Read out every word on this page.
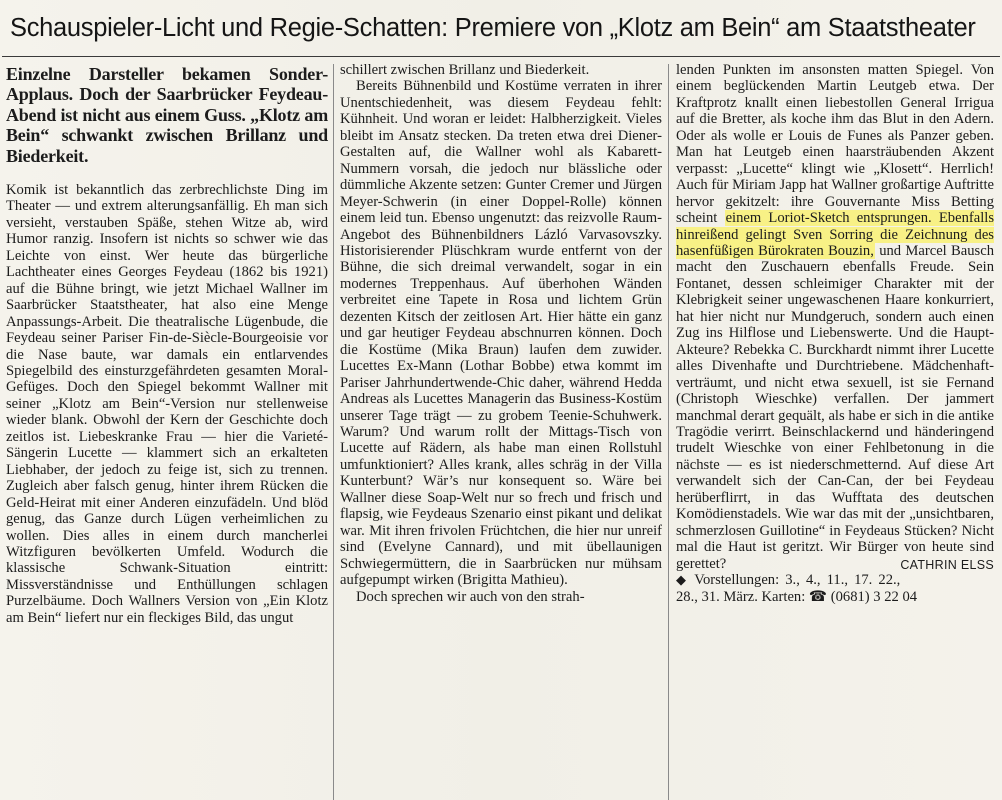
Schauspieler-Licht und Regie-Schatten: Premiere von „Klotz am Bein“ am Staatstheater
Einzelne Darsteller bekamen Sonder-Applaus. Doch der Saarbrücker Feydeau-Abend ist nicht aus einem Guss. „Klotz am Bein“ schwankt zwischen Brillanz und Biederkeit.

Komik ist bekanntlich das zerbrechlichste Ding im Theater — und extrem alterungsanfällig. Eh man sich versieht, verstauben Späße, stehen Witze ab, wird Humor ranzig. Insofern ist nichts so schwer wie das Leichte von einst. Wer heute das bürgerliche Lachtheater eines Georges Feydeau (1862 bis 1921) auf die Bühne bringt, wie jetzt Michael Wallner im Saarbrücker Staatstheater, hat also eine Menge Anpassungs-Arbeit. Die theatralische Lügenbude, die Feydeau seiner Pariser Fin-de-Siècle-Bourgeoisie vor die Nase baute, war damals ein entlarvendes Spiegelbild des einsturzgefährdeten gesamten Moral-Gefüges. Doch den Spiegel bekommt Wallner mit seiner „Klotz am Bein“-Version nur stellenweise wieder blank. Obwohl der Kern der Geschichte doch zeitlos ist. Liebeskranke Frau — hier die Varieté-Sängerin Lucette — klammert sich an erkalteten Liebhaber, der jedoch zu feige ist, sich zu trennen. Zugleich aber falsch genug, hinter ihrem Rücken die Geld-Heirat mit einer Anderen einzufädeln. Und blöd genug, das Ganze durch Lügen verheimlichen zu wollen. Dies alles in einem durch mancherlei Witzfiguren bevölkerten Umfeld. Wodurch die klassische Schwank-Situation eintritt: Missverständnisse und Enthüllungen schlagen Purzelbäume. Doch Wallners Version von „Ein Klotz am Bein“ liefert nur ein fleckiges Bild, das ungut

schillert zwischen Brillanz und Biederkeit.

Bereits Bühnenbild und Kostüme verraten in ihrer Unentschiedenheit, was diesem Feydeau fehlt: Kühnheit. Und woran er leidet: Halbherzigkeit. Vieles bleibt im Ansatz stecken. Da treten etwa drei Diener-Gestalten auf, die Wallner wohl als Kabarett-Nummern vorsah, die jedoch nur blässliche oder dümmliche Akzente setzen: Gunter Cremer und Jürgen Meyer-Schwerin (in einer Doppel-Rolle) können einem leid tun. Ebenso ungenutzt: das reizvolle Raum-Angebot des Bühnenbildners Lázló Varvasovszky. Historisierender Plüschkram wurde entfernt von der Bühne, die sich dreimal verwandelt, sogar in ein modernes Treppenhaus. Auf überhohen Wänden verbreitet eine Tapete in Rosa und lichtem Grün dezenten Kitsch der zeitlosen Art. Hier hätte ein ganz und gar heutiger Feydeau abschnurren können. Doch die Kostüme (Mika Braun) laufen dem zuwider. Lucettes Ex-Mann (Lothar Bobbe) etwa kommt im Pariser Jahrhundertwende-Chic daher, während Hedda Andreas als Lucettes Managerin das Business-Kostüm unserer Tage trägt — zu grobem Teenie-Schuhwerk. Warum? Und warum rollt der Mittags-Tisch von Lucette auf Rädern, als habe man einen Rollstuhl umfunktioniert? Alles krank, alles schräg in der Villa Kunterbunt? Wär’s nur konsequent so. Wäre bei Wallner diese Soap-Welt nur so frech und frisch und flapsig, wie Feydeaus Szenario einst pikant und delikat war. Mit ihren frivolen Früchtchen, die hier nur unreif sind (Evelyne Cannard), und mit übellaunigen Schwiegermüttern, die in Saarbrücken nur mühsam aufgepumpt wirken (Brigitta Mathieu).

Doch sprechen wir auch von den strah-

lenden Punkten im ansonsten matten Spiegel. Von einem beglückenden Martin Leutgeb etwa. Der Kraftprotz knallt einen liebestollen General Irrigua auf die Bretter, als koche ihm das Blut in den Adern. Oder als wolle er Louis de Funes als Panzer geben. Man hat Leutgeb einen haarsträubenden Akzent verpasst: „Lucette“ klingt wie „Klosett“. Herrlich! Auch für Miriam Japp hat Wallner großartige Auftritte hervor gekitzelt: ihre Gouvernante Miss Betting scheint einem Loriot-Sketch entsprungen. Ebenfalls hinreißend gelingt Sven Sorring die Zeichnung des hasenfüßigen Bürokraten Bouzin, und Marcel Bausch macht den Zuschauern ebenfalls Freude. Sein Fontanet, dessen schleimiger Charakter mit der Klebrigkeit seiner ungewaschenen Haare konkurriert, hat hier nicht nur Mundgeruch, sondern auch einen Zug ins Hilflose und Liebenswerte. Und die Haupt-Akteure? Rebekka C. Burckhardt nimmt ihrer Lucette alles Divenhafte und Durchtriebene. Mädchenhaft-verträumt, und nicht etwa sexuell, ist sie Fernand (Christoph Wieschke) verfallen. Der jammert manchmal derart gequält, als habe er sich in die antike Tragödie verirrt. Beinschlackernd und händeringend trudelt Wieschke von einer Fehlbetonung in die nächste — es ist niederschmetternd. Auf diese Art verwandelt sich der Can-Can, der bei Feydeau herüberflirrt, in das Wufftata des deutschen Komödienstadels. Wie war das mit der „unsichtbaren, schmerzlosen Guillotine“ in Feydeaus Stücken? Nicht mal die Haut ist geritzt. Wir Bürger von heute sind gerettet?	CATHRIN ELSS

◆ Vorstellungen: 3., 4., 11., 17. 22., 28., 31. März. Karten: ☎ (0681) 3 22 04
